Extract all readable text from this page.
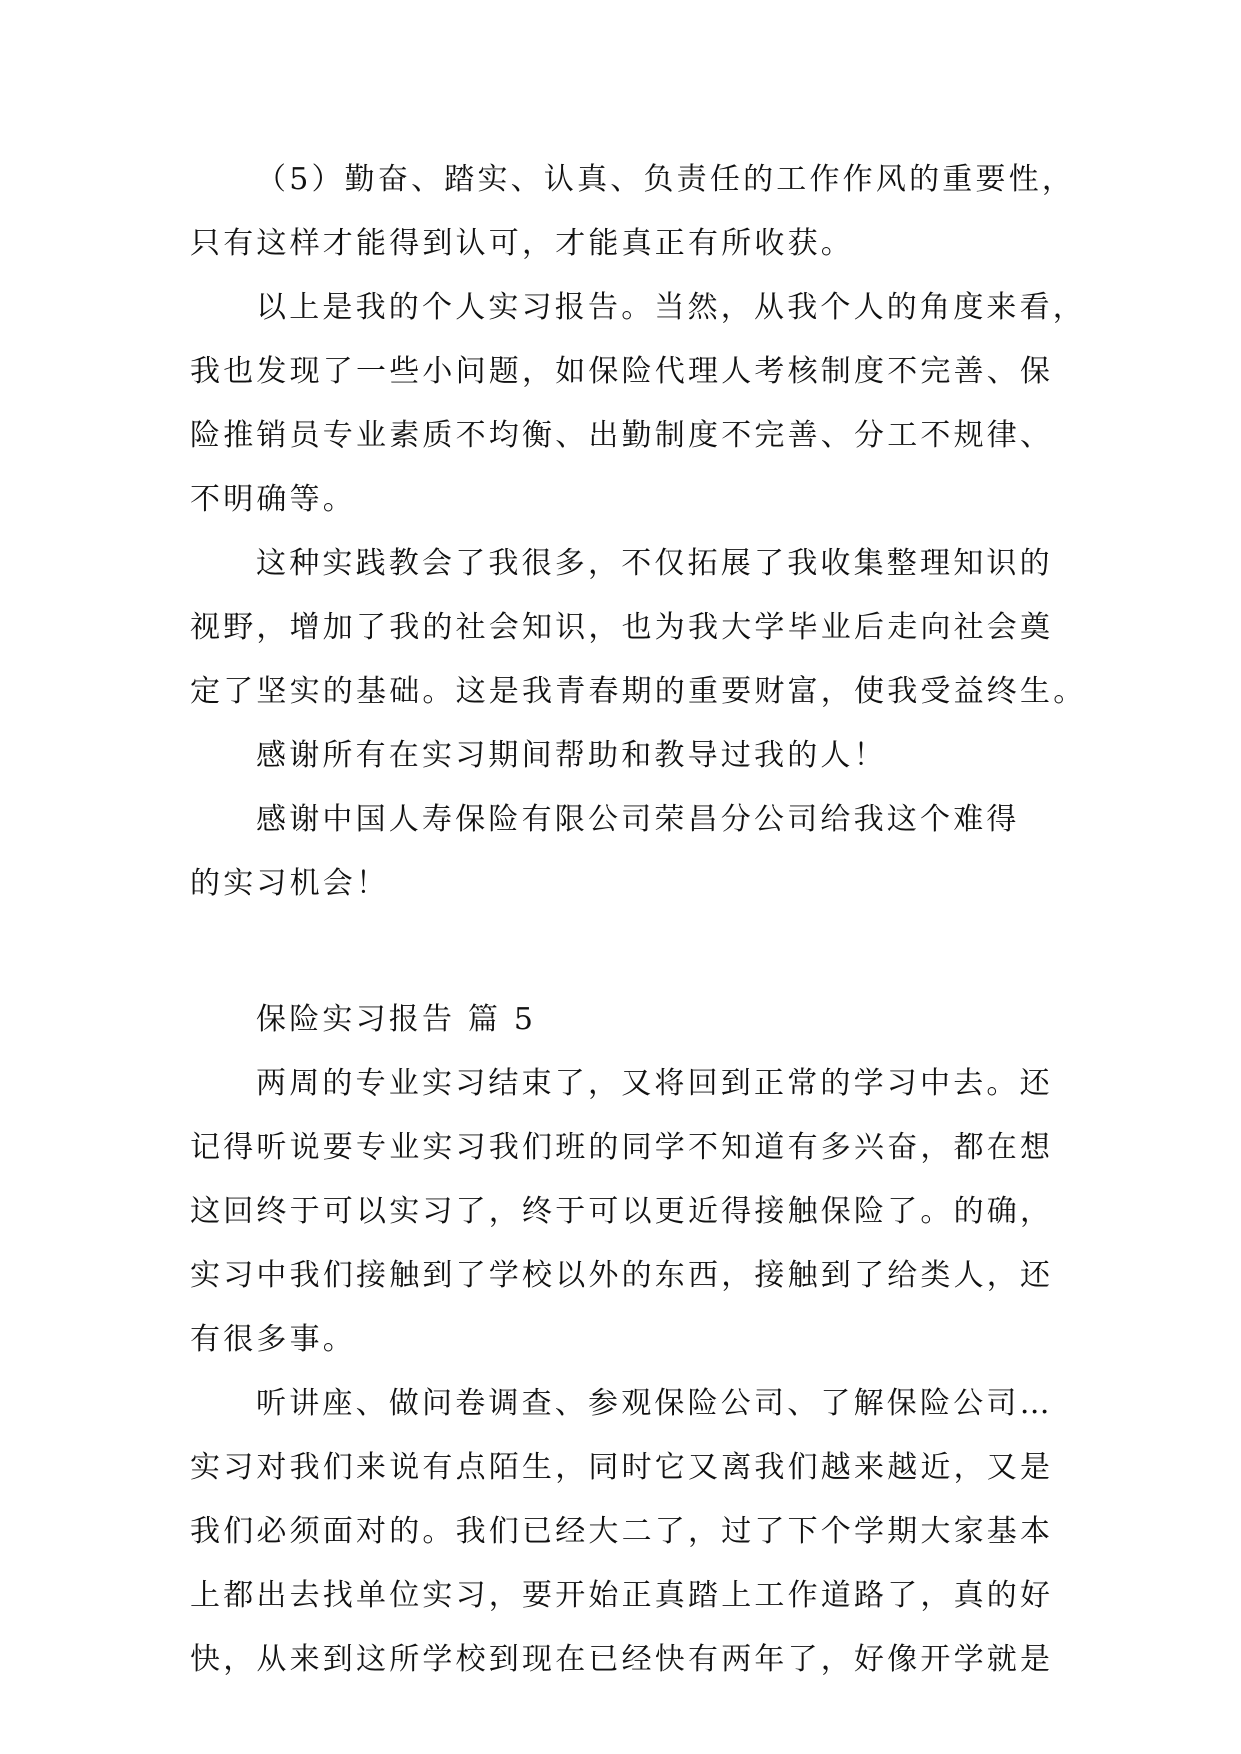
（5）勤奋、踏实、认真、负责任的工作作风的重要性，
只有这样才能得到认可，才能真正有所收获。
以上是我的个人实习报告。当然，从我个人的角度来看，
我也发现了一些小问题，如保险代理人考核制度不完善、保
险推销员专业素质不均衡、出勤制度不完善、分工不规律、
不明确等。
这种实践教会了我很多，不仅拓展了我收集整理知识的
视野，增加了我的社会知识，也为我大学毕业后走向社会奠
定了坚实的基础。这是我青春期的重要财富，使我受益终生。
感谢所有在实习期间帮助和教导过我的人！
感谢中国人寿保险有限公司荣昌分公司给我这个难得
的实习机会！
保险实习报告 篇 5
两周的专业实习结束了，又将回到正常的学习中去。还
记得听说要专业实习我们班的同学不知道有多兴奋，都在想
这回终于可以实习了，终于可以更近得接触保险了。的确，
实习中我们接触到了学校以外的东西，接触到了给类人，还
有很多事。
听讲座、做问卷调查、参观保险公司、了解保险公司…
实习对我们来说有点陌生，同时它又离我们越来越近，又是
我们必须面对的。我们已经大二了，过了下个学期大家基本
上都出去找单位实习，要开始正真踏上工作道路了，真的好
快，从来到这所学校到现在已经快有两年了，好像开学就是
